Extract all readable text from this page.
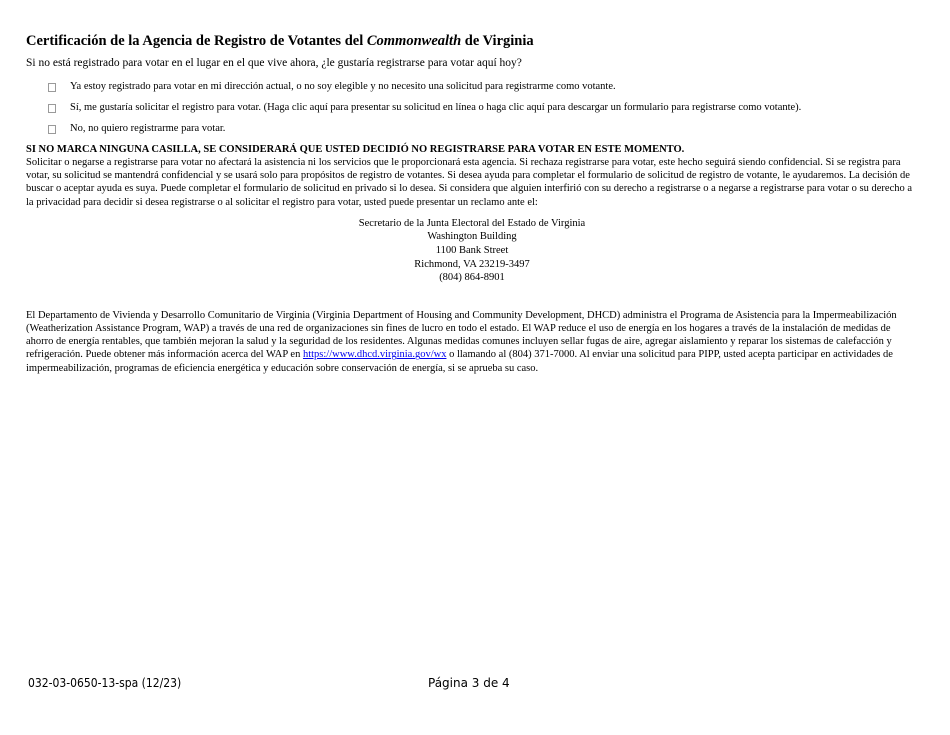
Certificación de la Agencia de Registro de Votantes del Commonwealth de Virginia

Si no está registrado para votar en el lugar en el que vive ahora, ¿le gustaría registrarse para votar aquí hoy?

Ya estoy registrado para votar en mi dirección actual, o no soy elegible y no necesito una solicitud para registrarme como votante.
Sí, me gustaría solicitar el registro para votar. (Haga clic aquí para presentar su solicitud en línea o haga clic aquí para descargar un formulario para registrarse como votante).
No, no quiero registrarme para votar.

SI NO MARCA NINGUNA CASILLA, SE CONSIDERARÁ QUE USTED DECIDIÓ NO REGISTRARSE PARA VOTAR EN ESTE MOMENTO.

Solicitar o negarse a registrarse para votar no afectará la asistencia ni los servicios que le proporcionará esta agencia. Si rechaza registrarse para votar, este hecho seguirá siendo confidencial. Si se registra para votar, su solicitud se mantendrá confidencial y se usará solo para propósitos de registro de votantes. Si desea ayuda para completar el formulario de solicitud de registro de votante, le ayudaremos. La decisión de buscar o aceptar ayuda es suya. Puede completar el formulario de solicitud en privado si lo desea. Si considera que alguien interfirió con su derecho a registrarse o a negarse a registrarse para votar o su derecho a la privacidad para decidir si desea registrarse o al solicitar el registro para votar, usted puede presentar un reclamo ante el:

Secretario de la Junta Electoral del Estado de Virginia
Washington Building
1100 Bank Street
Richmond, VA 23219-3497
(804) 864-8901

El Departamento de Vivienda y Desarrollo Comunitario de Virginia (Virginia Department of Housing and Community Development, DHCD) administra el Programa de Asistencia para la Impermeabilización (Weatherization Assistance Program, WAP) a través de una red de organizaciones sin fines de lucro en todo el estado. El WAP reduce el uso de energía en los hogares a través de la instalación de medidas de ahorro de energía rentables, que también mejoran la salud y la seguridad de los residentes. Algunas medidas comunes incluyen sellar fugas de aire, agregar aislamiento y reparar los sistemas de calefacción y refrigeración. Puede obtener más información acerca del WAP en https://www.dhcd.virginia.gov/wx o llamando al (804) 371-7000. Al enviar una solicitud para PIPP, usted acepta participar en actividades de impermeabilización, programas de eficiencia energética y educación sobre conservación de energía, si se aprueba su caso.

032-03-0650-13-spa (12/23)	Página 3 de 4
